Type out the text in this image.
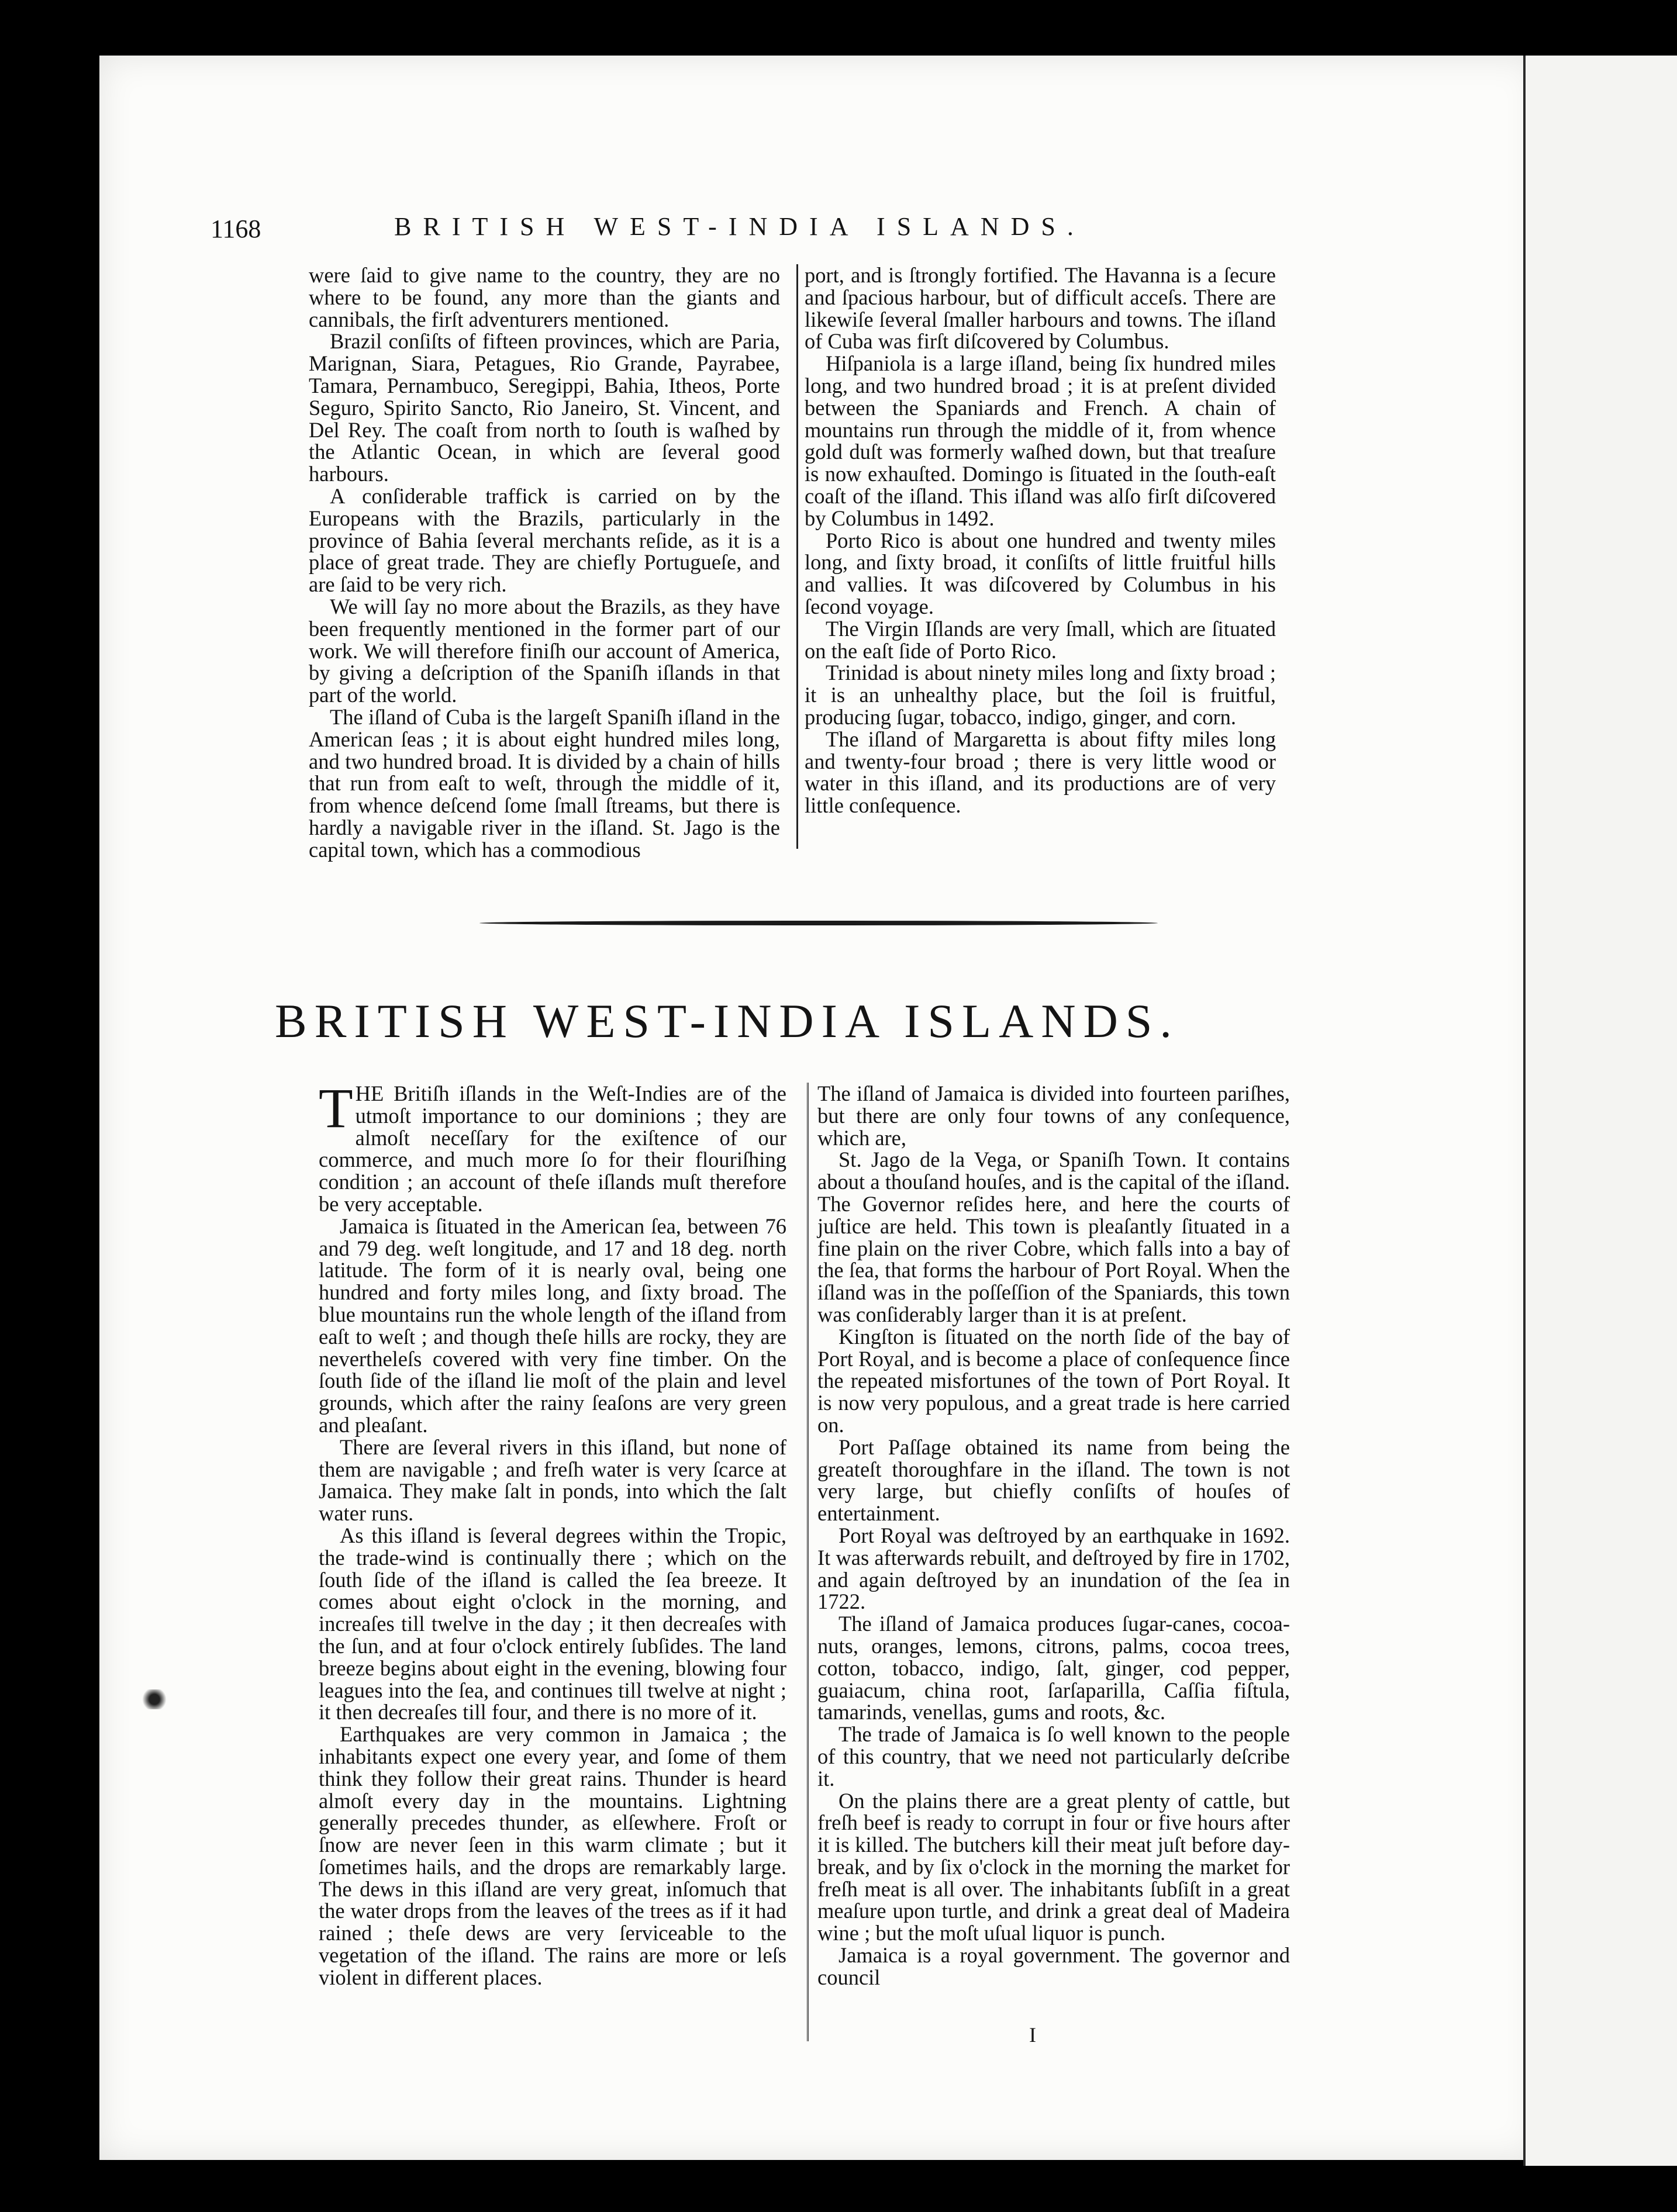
1168	BRITISH WEST-INDIA ISLANDS.

were ſaid to give name to the country, they are no where to be found, any more than the giants and cannibals, the firſt adventurers mentioned.

Brazil conſiſts of fifteen provinces, which are Paria, Marignan, Siara, Petagues, Rio Grande, Payrabee, Tamara, Pernambuco, Seregippi, Bahia, Itheos, Porte Seguro, Spirito Sancto, Rio Janeiro, St. Vincent, and Del Rey. The coaſt from north to ſouth is waſhed by the Atlantic Ocean, in which are ſeveral good harbours.

A conſiderable traffick is carried on by the Europeans with the Brazils, particularly in the province of Bahia ſeveral merchants reſide, as it is a place of great trade. They are chiefly Portugueſe, and are ſaid to be very rich.

We will ſay no more about the Brazils, as they have been frequently mentioned in the former part of our work. We will therefore finiſh our account of America, by giving a deſcription of the Spaniſh iſlands in that part of the world.

The iſland of Cuba is the largeſt Spaniſh iſland in the American ſeas ; it is about eight hundred miles long, and two hundred broad. It is divided by a chain of hills that run from eaſt to weſt, through the middle of it, from whence deſcend ſome ſmall ſtreams, but there is hardly a navigable river in the iſland. St. Jago is the capital town, which has a commodious

port, and is ſtrongly fortified. The Havanna is a ſecure and ſpacious harbour, but of difficult acceſs. There are likewiſe ſeveral ſmaller harbours and towns. The iſland of Cuba was firſt diſcovered by Columbus.

Hiſpaniola is a large iſland, being ſix hundred miles long, and two hundred broad ; it is at preſent divided between the Spaniards and French. A chain of mountains run through the middle of it, from whence gold duſt was formerly waſhed down, but that treaſure is now exhauſted. Domingo is ſituated in the ſouth-eaſt coaſt of the iſland. This iſland was alſo firſt diſcovered by Columbus in 1492.

Porto Rico is about one hundred and twenty miles long, and ſixty broad, it conſiſts of little fruitful hills and vallies. It was diſcovered by Columbus in his ſecond voyage.

The Virgin Iſlands are very ſmall, which are ſituated on the eaſt ſide of Porto Rico.

Trinidad is about ninety miles long and ſixty broad ; it is an unhealthy place, but the ſoil is fruitful, producing ſugar, tobacco, indigo, ginger, and corn.

The iſland of Margaretta is about fifty miles long and twenty-four broad ; there is very little wood or water in this iſland, and its productions are of very little conſequence.

BRITISH WEST-INDIA ISLANDS.

THE Britiſh iſlands in the Weſt-Indies are of the utmoſt importance to our dominions ; they are almoſt neceſſary for the exiſtence of our commerce, and much more ſo for their flouriſhing condition ; an account of theſe iſlands muſt therefore be very acceptable.

Jamaica is ſituated in the American ſea, between 76 and 79 deg. weſt longitude, and 17 and 18 deg. north latitude. The form of it is nearly oval, being one hundred and forty miles long, and ſixty broad. The blue mountains run the whole length of the iſland from eaſt to weſt ; and though theſe hills are rocky, they are nevertheleſs covered with very fine timber. On the ſouth ſide of the iſland lie moſt of the plain and level grounds, which after the rainy ſeaſons are very green and pleaſant.

There are ſeveral rivers in this iſland, but none of them are navigable ; and freſh water is very ſcarce at Jamaica. They make ſalt in ponds, into which the ſalt water runs.

As this iſland is ſeveral degrees within the Tropic, the trade-wind is continually there ; which on the ſouth ſide of the iſland is called the ſea breeze. It comes about eight o'clock in the morning, and increaſes till twelve in the day ; it then decreaſes with the ſun, and at four o'clock entirely ſubſides. The land breeze begins about eight in the evening, blowing four leagues into the ſea, and continues till twelve at night ; it then decreaſes till four, and there is no more of it.

Earthquakes are very common in Jamaica ; the inhabitants expect one every year, and ſome of them think they follow their great rains. Thunder is heard almoſt every day in the mountains. Lightning generally precedes thunder, as elſewhere. Froſt or ſnow are never ſeen in this warm climate ; but it ſometimes hails, and the drops are remarkably large. The dews in this iſland are very great, inſomuch that the water drops from the leaves of the trees as if it had rained ; theſe dews are very ſerviceable to the vegetation of the iſland. The rains are more or leſs violent in different places.

The iſland of Jamaica is divided into fourteen pariſhes, but there are only four towns of any conſequence, which are,

St. Jago de la Vega, or Spaniſh Town. It contains about a thouſand houſes, and is the capital of the iſland. The Governor reſides here, and here the courts of juſtice are held. This town is pleaſantly ſituated in a fine plain on the river Cobre, which falls into a bay of the ſea, that forms the harbour of Port Royal. When the iſland was in the poſſeſſion of the Spaniards, this town was conſiderably larger than it is at preſent.

Kingſton is ſituated on the north ſide of the bay of Port Royal, and is become a place of conſequence ſince the repeated misfortunes of the town of Port Royal. It is now very populous, and a great trade is here carried on.

Port Paſſage obtained its name from being the greateſt thoroughfare in the iſland. The town is not very large, but chiefly conſiſts of houſes of entertainment.

Port Royal was deſtroyed by an earthquake in 1692. It was afterwards rebuilt, and deſtroyed by fire in 1702, and again deſtroyed by an inundation of the ſea in 1722.

The iſland of Jamaica produces ſugar-canes, cocoa-nuts, oranges, lemons, citrons, palms, cocoa trees, cotton, tobacco, indigo, ſalt, ginger, cod pepper, guaiacum, china root, ſarſaparilla, Caſſia fiſtula, tamarinds, venellas, gums and roots, &c.

The trade of Jamaica is ſo well known to the people of this country, that we need not particularly deſcribe it.

On the plains there are a great plenty of cattle, but freſh beef is ready to corrupt in four or five hours after it is killed. The butchers kill their meat juſt before day-break, and by ſix o'clock in the morning the market for freſh meat is all over. The inhabitants ſubſiſt in a great meaſure upon turtle, and drink a great deal of Madeira wine ; but the moſt uſual liquor is punch.

Jamaica is a royal government. The governor and council

I
